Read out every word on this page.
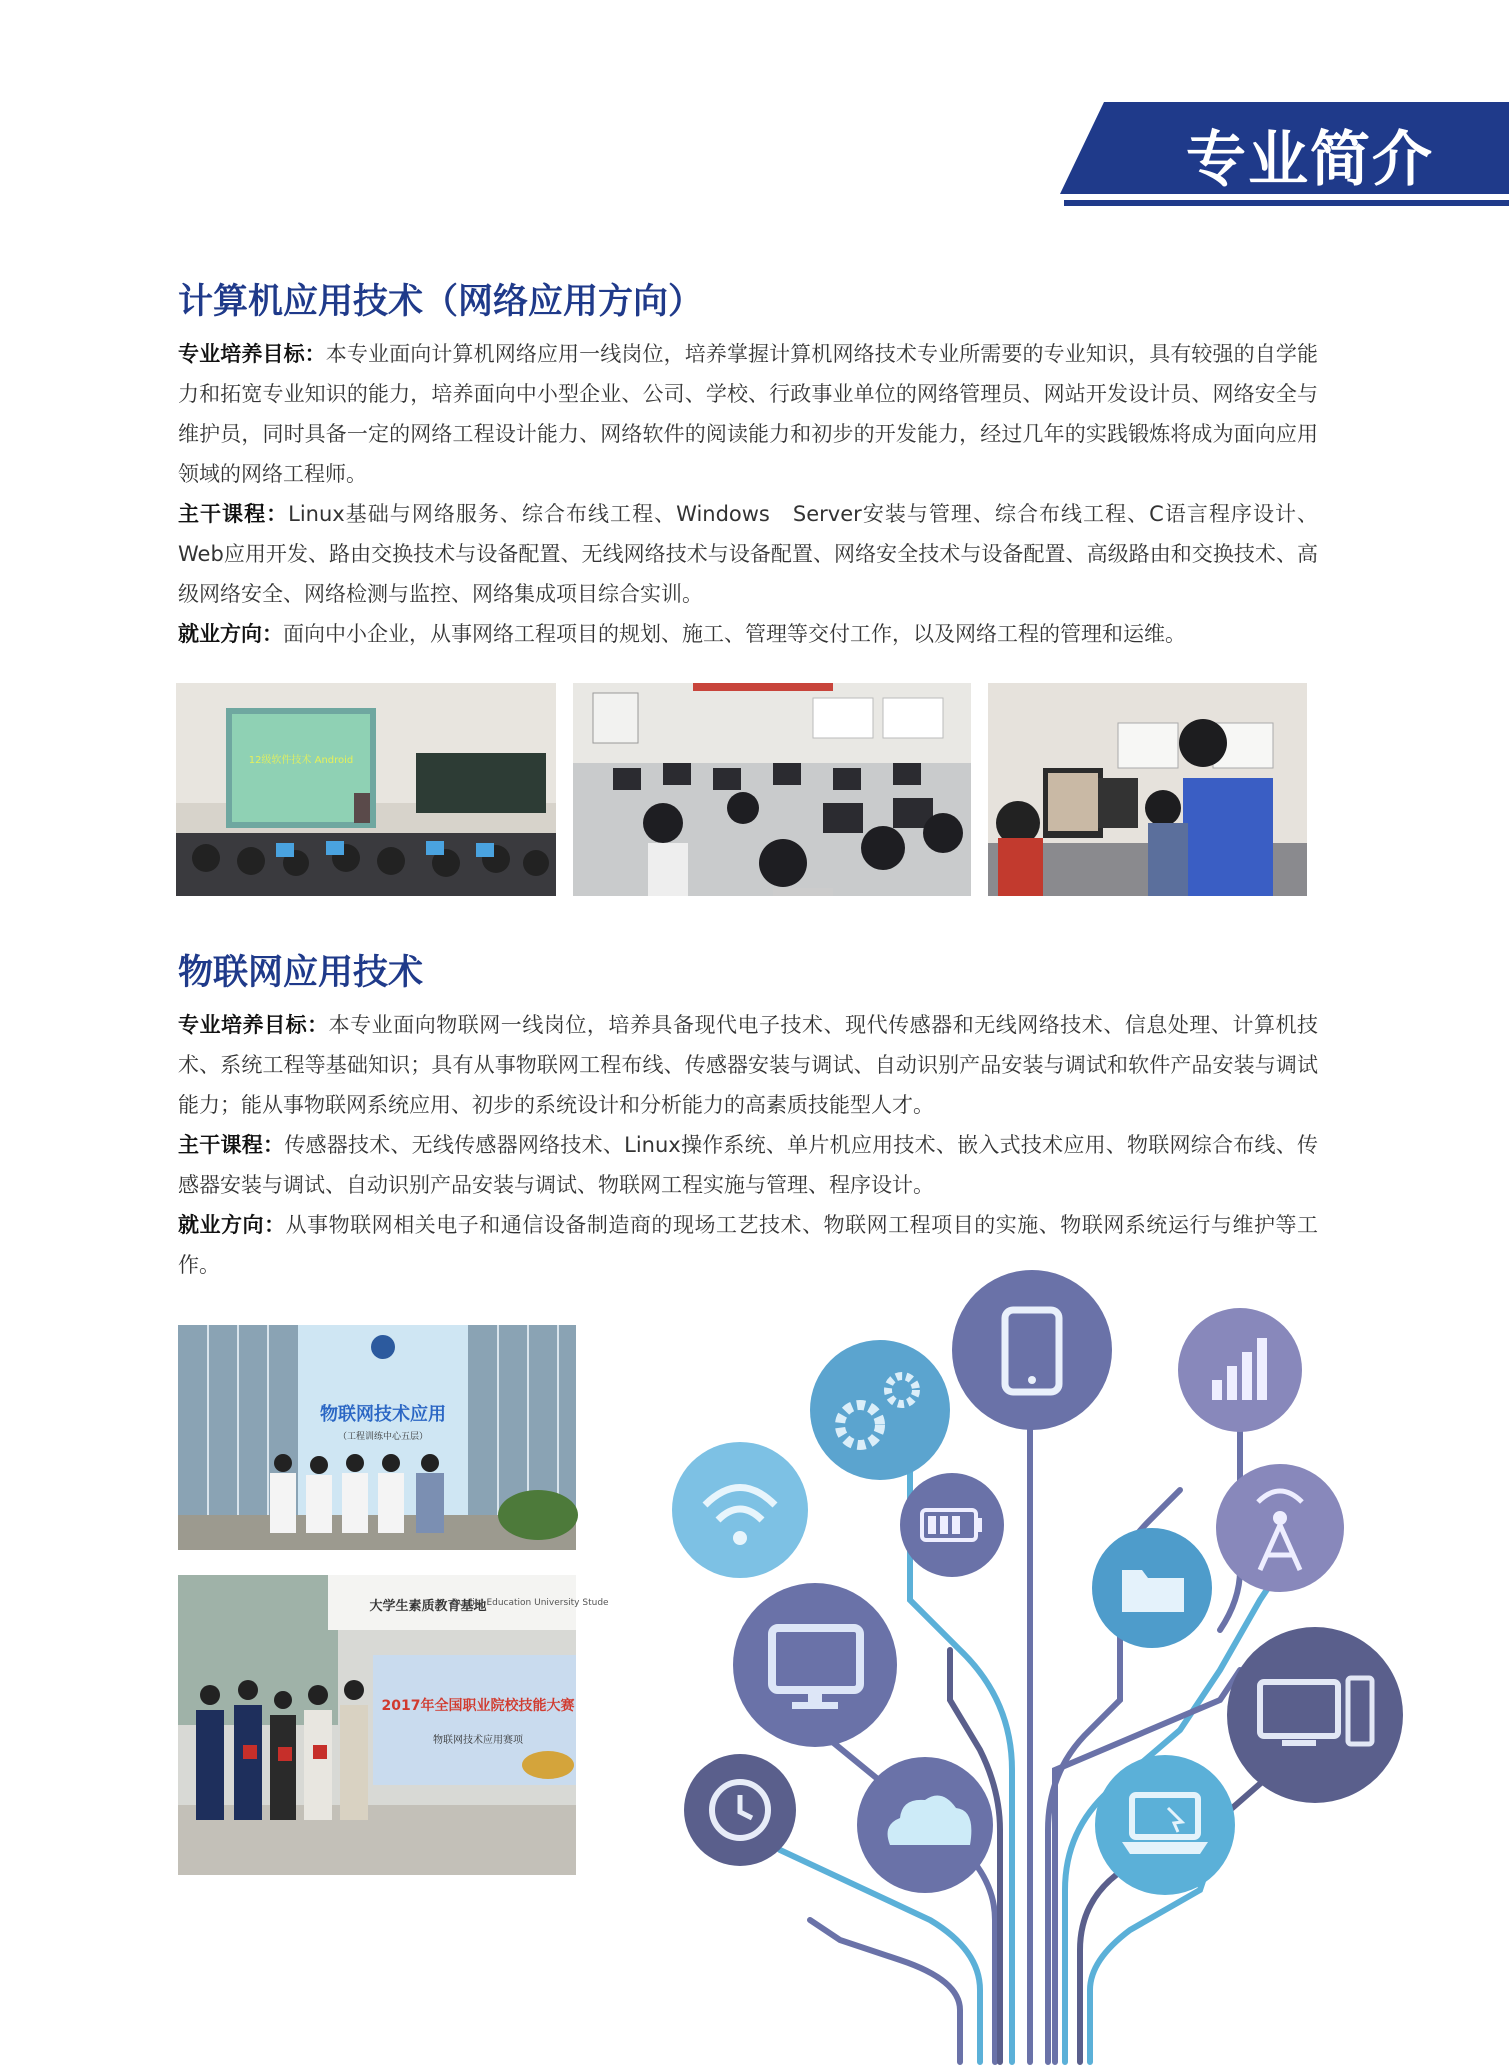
专业简介
计算机应用技术（网络应用方向）

专业培养目标：本专业面向计算机网络应用一线岗位，培养掌握计算机网络技术专业所需要的专业知识，具有较强的自学能力和拓宽专业知识的能力，培养面向中小型企业、公司、学校、行政事业单位的网络管理员、网站开发设计员、网络安全与维护员，同时具备一定的网络工程设计能力、网络软件的阅读能力和初步的开发能力，经过几年的实践锻炼将成为面向应用领域的网络工程师。

主干课程：Linux基础与网络服务、综合布线工程、Windows　Server安装与管理、综合布线工程、C语言程序设计、Web应用开发、路由交换技术与设备配置、无线网络技术与设备配置、网络安全技术与设备配置、高级路由和交换技术、高级网络安全、网络检测与监控、网络集成项目综合实训。

就业方向：面向中小企业，从事网络工程项目的规划、施工、管理等交付工作，以及网络工程的管理和运维。

12级软件技术 Android
物联网应用技术

专业培养目标：本专业面向物联网一线岗位，培养具备现代电子技术、现代传感器和无线网络技术、信息处理、计算机技术、系统工程等基础知识；具有从事物联网工程布线、传感器安装与调试、自动识别产品安装与调试和软件产品安装与调试能力；能从事物联网系统应用、初步的系统设计和分析能力的高素质技能型人才。

主干课程：传感器技术、无线传感器网络技术、Linux操作系统、单片机应用技术、嵌入式技术应用、物联网综合布线、传感器安装与调试、自动识别产品安装与调试、物联网工程实施与管理、程序设计。

就业方向：从事物联网相关电子和通信设备制造商的现场工艺技术、物联网工程项目的实施、物联网系统运行与维护等工作。

物联网技术应用
（工程训练中心五层）
大学生素质教育基地
Quality Education University Stude
2017年全国职业院校技能大赛
物联网技术应用赛项
